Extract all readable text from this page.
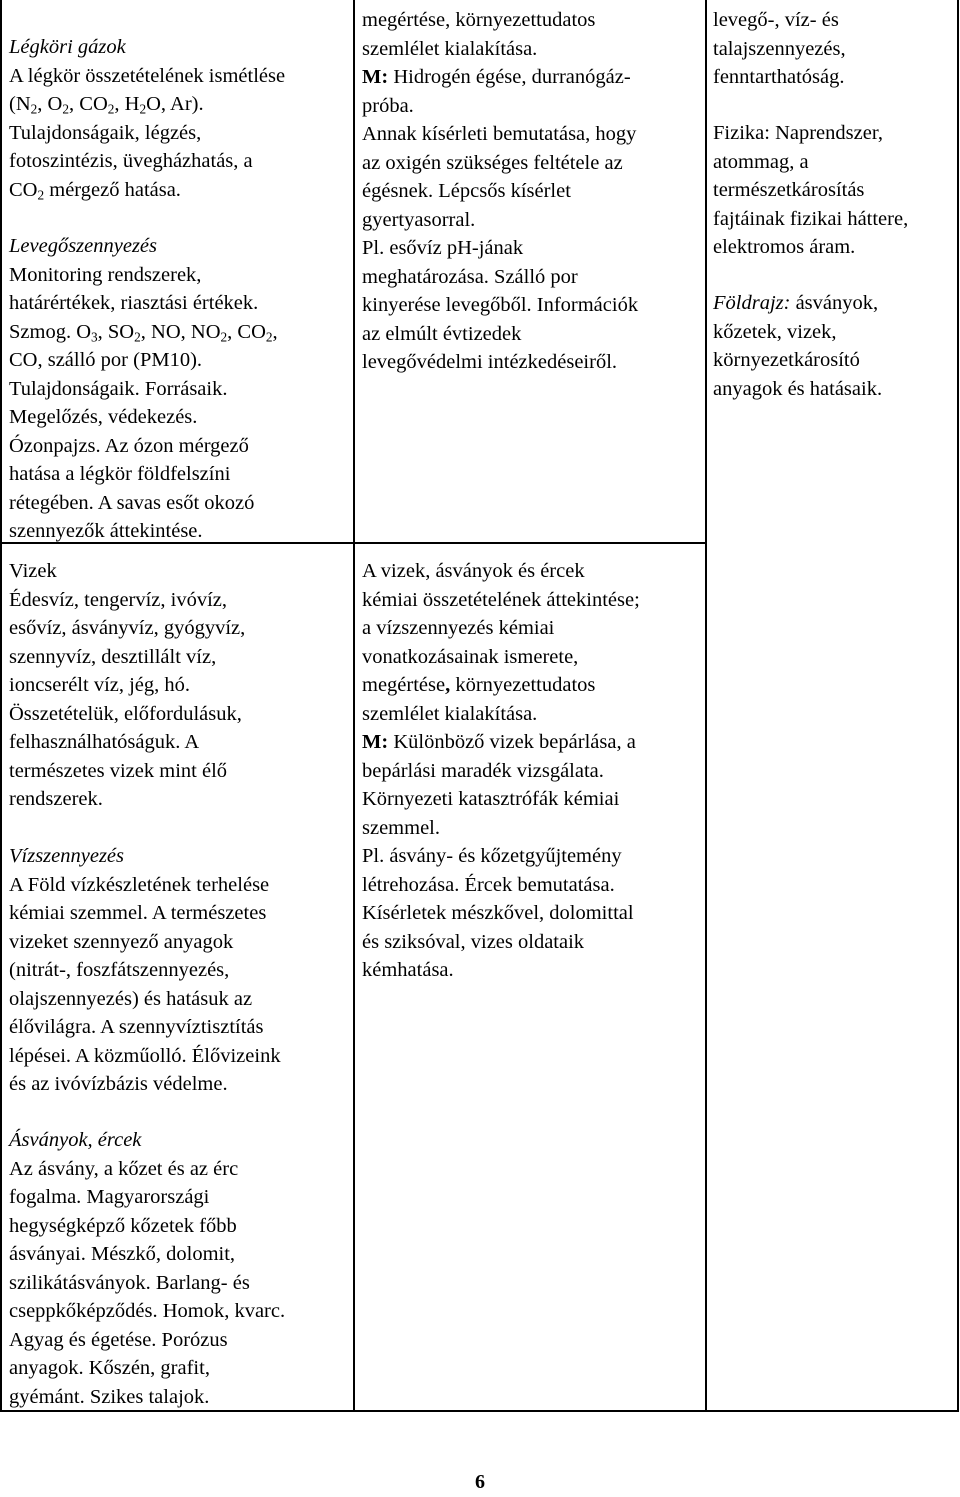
Légköri gázok

A légkör összetételének ismétlése

($N_2$, $O_2$, $CO_2$, $H_2O$, Ar).

Tulajdonságaik, légzés,

fotoszintézis, üvegházhatás, a

$CO_2$ mérgező hatása.

Levegőszennyezés

Monitoring rendszerek,

határértékek, riasztási értékek.

Szmog. $O_3$, $SO_2$, NO, $NO_2$, $CO_2$,

CO, szálló por (PM10).

Tulajdonságaik. Forrásaik.

Megelőzés, védekezés.

Ózonpajzs. Az ózon mérgező

hatása a légkör földfelszíni

rétegében. A savas esőt okozó

szennyezők áttekintése.

Vizek

Édesvíz, tengervíz, ivóvíz,

esővíz, ásványvíz, gyógyvíz,

szennyvíz, desztillált víz,

ioncserélt víz, jég, hó.

Összetételük, előfordulásuk,

felhasználhatóságuk. A

természetes vizek mint élő

rendszerek.

Vízszennyezés

A Föld vízkészletének terhelése

kémiai szemmel. A természetes

vizeket szennyező anyagok

(nitrát-, foszfátszennyezés,

olajszennyezés) és hatásuk az

élővilágra. A szennyvíztisztítás

lépései. A közműolló. Élővizeink

és az ivóvízbázis védelme.

Ásványok, ércek

Az ásvány, a kőzet és az érc

fogalma. Magyarországi

hegységképző kőzetek főbb

ásványai. Mészkő, dolomit,

szilikátásványok. Barlang- és

cseppkőképződés. Homok, kvarc.

Agyag és égetése. Porózus

anyagok. Kőszén, grafit,

gyémánt. Szikes talajok.

megértése, környezettudatos

szemlélet kialakítása.

M: Hidrogén égése, durranógáz-

próba.

Annak kísérleti bemutatása, hogy

az oxigén szükséges feltétele az

égésnek. Lépcsős kísérlet

gyertyasorral.

Pl. esővíz pH-jának

meghatározása. Szálló por

kinyerése levegőből. Információk

az elmúlt évtizedek

levegővédelmi intézkedéseiről.

A vizek, ásványok és ércek

kémiai összetételének áttekintése;

a vízszennyezés kémiai

vonatkozásainak ismerete,

megértése, környezettudatos

szemlélet kialakítása.

M: Különböző vizek bepárlása, a

bepárlási maradék vizsgálata.

Környezeti katasztrófák kémiai

szemmel.

Pl. ásvány- és kőzetgyűjtemény

létrehozása. Ércek bemutatása.

Kísérletek mészkővel, dolomittal

és sziksóval, vizes oldataik

kémhatása.

levegő-, víz- és

talajszennyezés,

fenntarthatóság.

Fizika: Naprendszer,

atommag, a

természetkárosítás

fajtáinak fizikai háttere,

elektromos áram.

Földrajz: ásványok,

kőzetek, vizek,

környezetkárosító

anyagok és hatásaik.

6
